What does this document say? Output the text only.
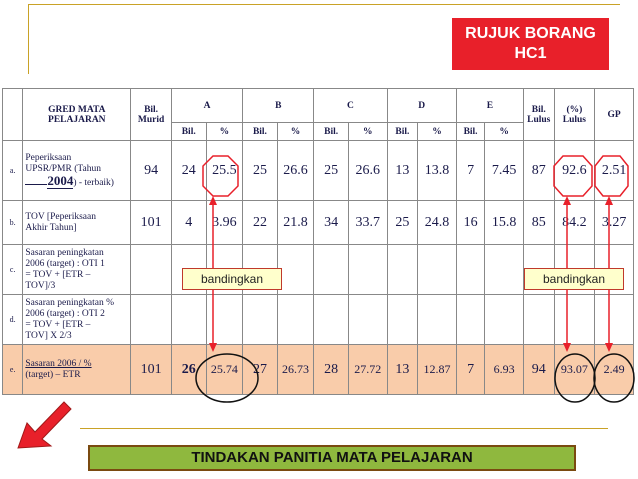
RUJUK BORANG
HC1
	GRED MATA PELAJARAN	Bil. Murid	A		B		C		D		E		Bil. Lulus	(%) Lulus	GP
			Bil.	%	Bil.	%	Bil.	%	Bil.	%	Bil.	%			
a.	Peperiksaan
UPSR/PMR (Tahun
2004) - terbaik)	94	24	25.5	25	26.6	25	26.6	13	13.8	7	7.45	87	92.6	2.51
b.	TOV [Peperiksaan
Akhir Tahun]	101	4	3.96	22	21.8	34	33.7	25	24.8	16	15.8	85	84.2	3.27
c.	Sasaran peningkatan
2006 (target) : OTI 1
= TOV + [ETR –
TOV]/3														

d.	Sasaran peningkatan %
2006 (target) : OTI 2
= TOV + [ETR –
TOV] X 2/3														

e.	Sasaran 2006 / %
(target) – ETR	101	26	25.74	27	26.73	28	27.72	13	12.87	7	6.93	94	93.07	2.49
bandingkan	bandingkan
TINDAKAN PANITIA MATA PELAJARAN
